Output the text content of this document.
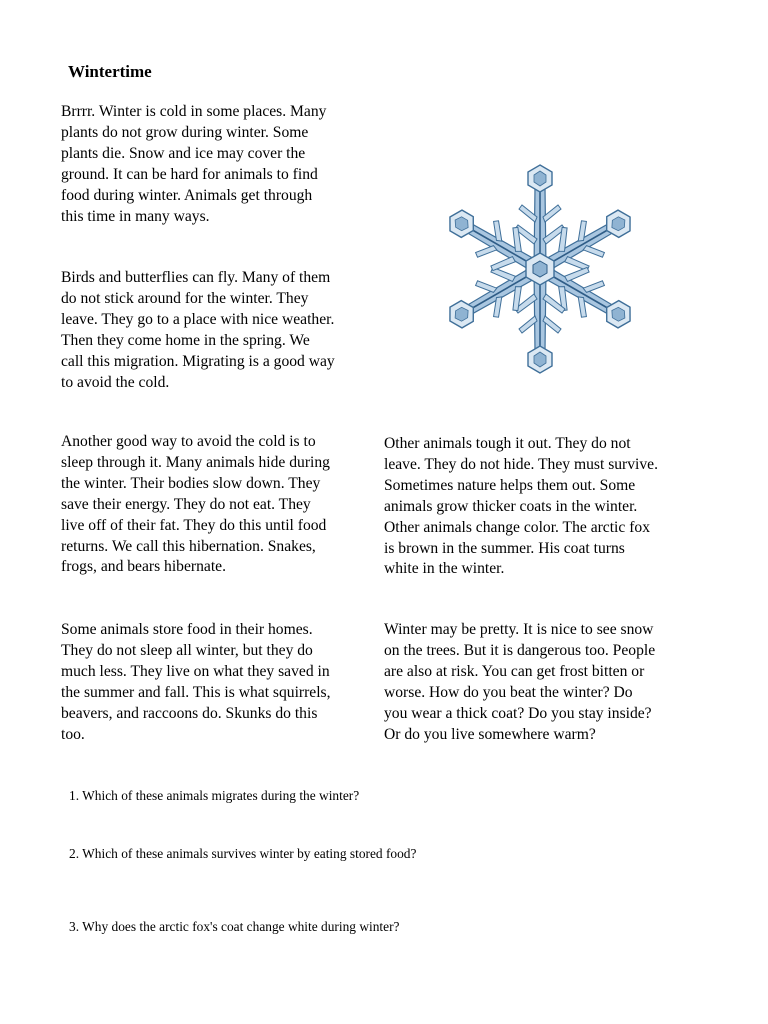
Wintertime

Brrrr. Winter is cold in some places. Many
plants do not grow during winter. Some
plants die. Snow and ice may cover the
ground. It can be hard for animals to find
food during winter. Animals get through
this time in many ways.

Birds and butterflies can fly. Many of them
do not stick around for the winter. They
leave. They go to a place with nice weather.
Then they come home in the spring. We
call this migration. Migrating is a good way
to avoid the cold.

Another good way to avoid the cold is to
sleep through it. Many animals hide during
the winter. Their bodies slow down. They
save their energy. They do not eat. They
live off of their fat. They do this until food
returns. We call this hibernation. Snakes,
frogs, and bears hibernate.

Other animals tough it out. They do not
leave. They do not hide. They must survive.
Sometimes nature helps them out. Some
animals grow thicker coats in the winter.
Other animals change color. The arctic fox
is brown in the summer. His coat turns
white in the winter.

Some animals store food in their homes.
They do not sleep all winter, but they do
much less. They live on what they saved in
the summer and fall. This is what squirrels,
beavers, and raccoons do. Skunks do this
too.

Winter may be pretty. It is nice to see snow
on the trees. But it is dangerous too. People
are also at risk. You can get frost bitten or
worse. How do you beat the winter? Do
you wear a thick coat? Do you stay inside?
Or do you live somewhere warm?

1. Which of these animals migrates during the winter?

2. Which of these animals survives winter by eating stored food?

3. Why does the arctic fox's coat change white during winter?
